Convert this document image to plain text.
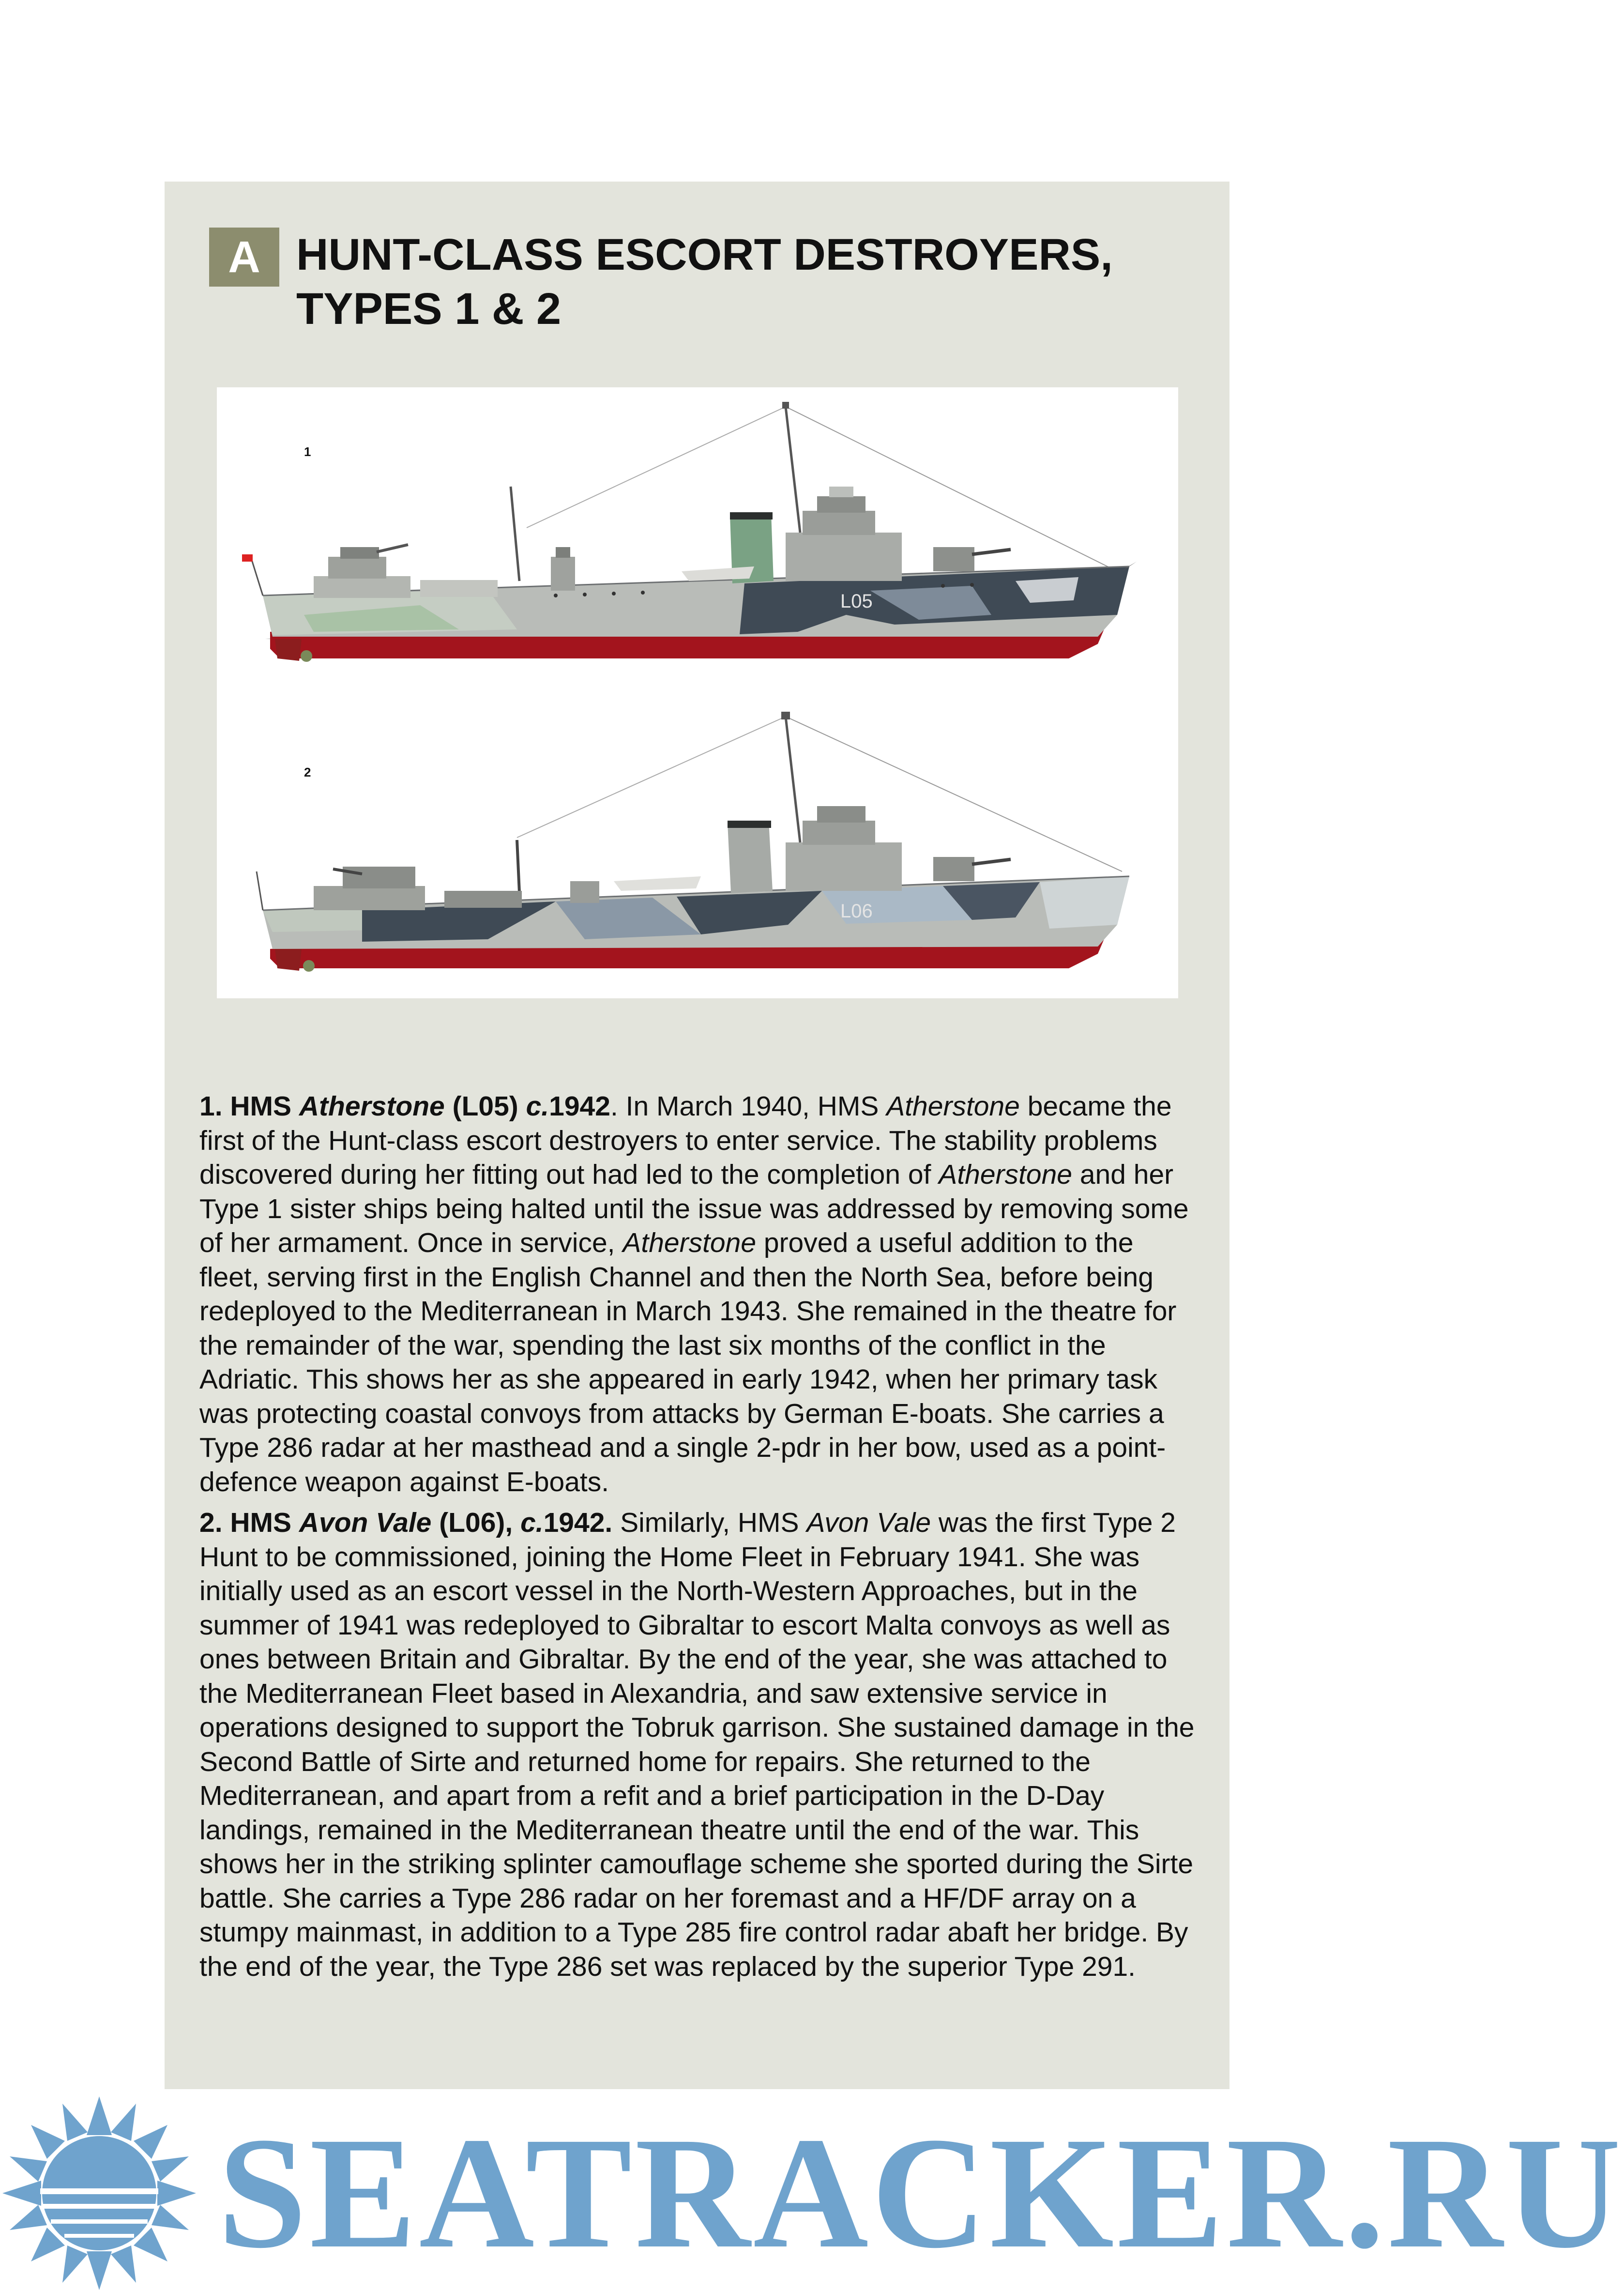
A HUNT-CLASS ESCORT DESTROYERS,
TYPES 1 & 2
1
2
L05
L06

1. HMS Atherstone (L05) c.1942. In March 1940, HMS Atherstone became the first of the Hunt-class escort destroyers to enter service. The stability problems discovered during her fitting out had led to the completion of Atherstone and her Type 1 sister ships being halted until the issue was addressed by removing some of her armament. Once in service, Atherstone proved a useful addition to the fleet, serving first in the English Channel and then the North Sea, before being redeployed to the Mediterranean in March 1943. She remained in the theatre for the remainder of the war, spending the last six months of the conflict in the Adriatic. This shows her as she appeared in early 1942, when her primary task was protecting coastal convoys from attacks by German E-boats. She carries a Type 286 radar at her masthead and a single 2-pdr in her bow, used as a point-defence weapon against E-boats.

2. HMS Avon Vale (L06), c.1942. Similarly, HMS Avon Vale was the first Type 2 Hunt to be commissioned, joining the Home Fleet in February 1941. She was initially used as an escort vessel in the North-Western Approaches, but in the summer of 1941 was redeployed to Gibraltar to escort Malta convoys as well as ones between Britain and Gibraltar. By the end of the year, she was attached to the Mediterranean Fleet based in Alexandria, and saw extensive service in operations designed to support the Tobruk garrison. She sustained damage in the Second Battle of Sirte and returned home for repairs. She returned to the Mediterranean, and apart from a refit and a brief participation in the D-Day landings, remained in the Mediterranean theatre until the end of the war. This shows her in the striking splinter camouflage scheme she sported during the Sirte battle. She carries a Type 286 radar on her foremast and a HF/DF array on a stumpy mainmast, in addition to a Type 285 fire control radar abaft her bridge. By the end of the year, the Type 286 set was replaced by the superior Type 291.

SEATRACKER.RU
